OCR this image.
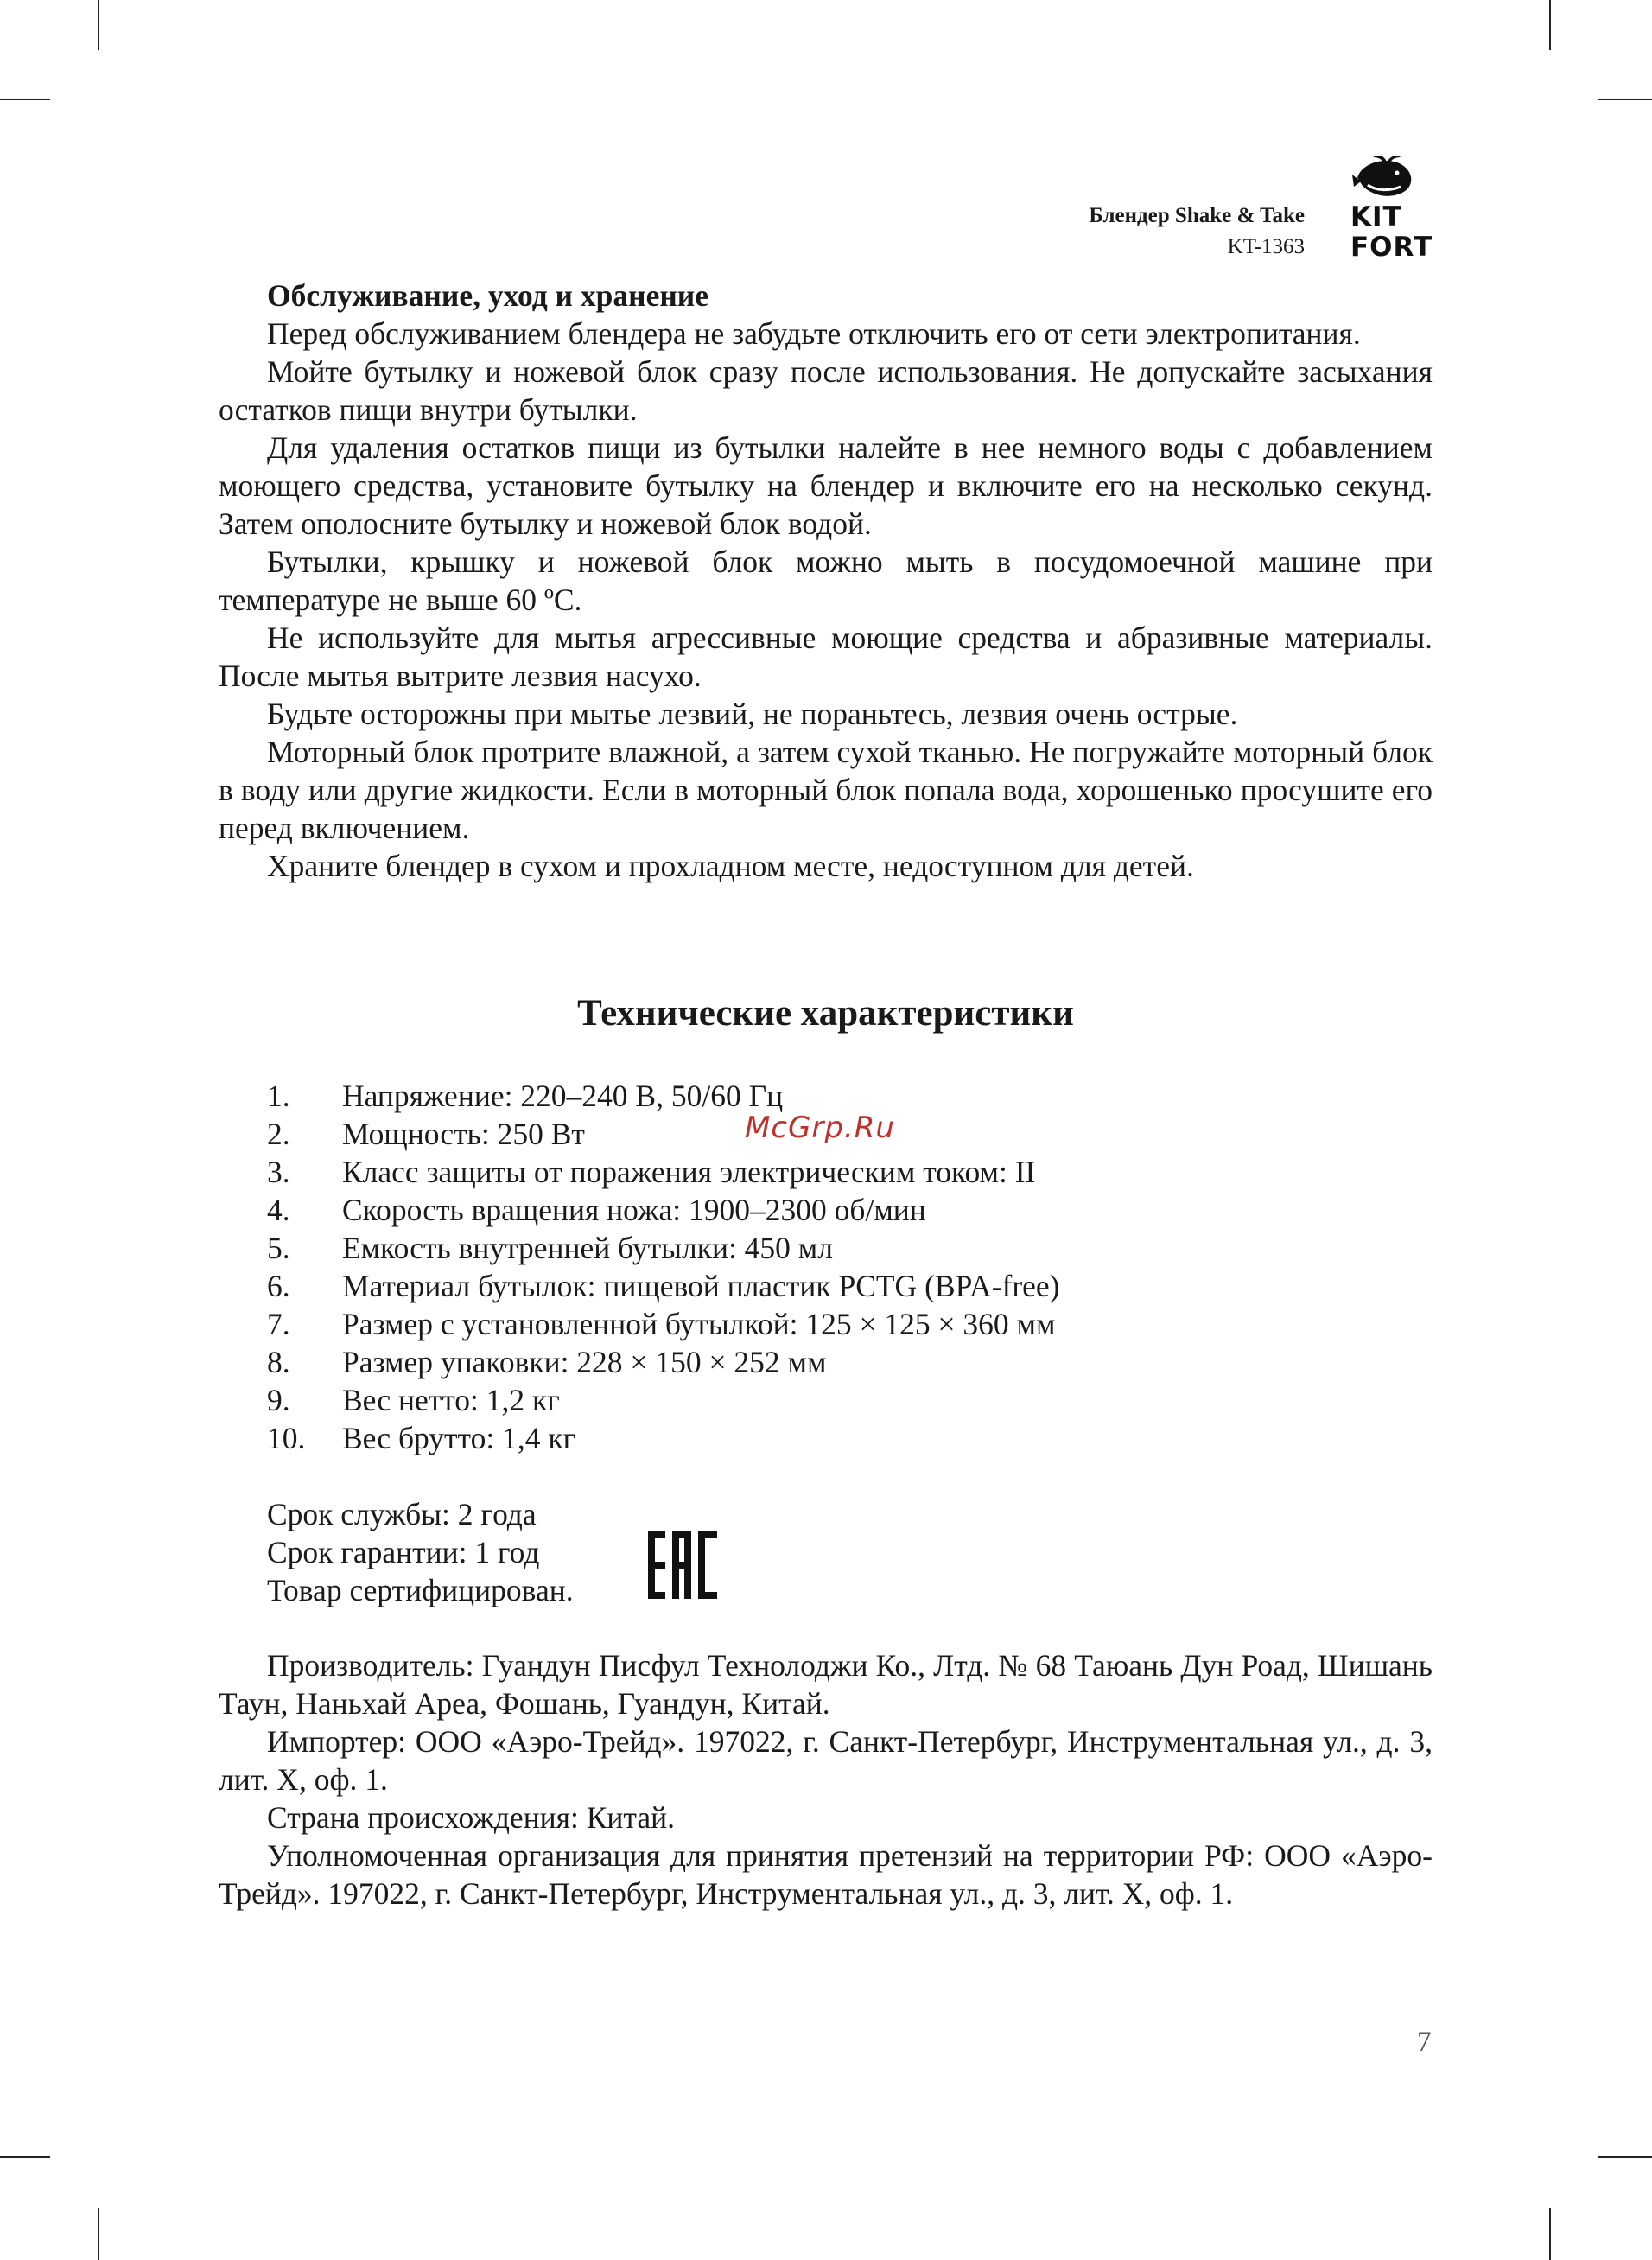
Блендер Shake & Take
KT-1363
KIT
FORT
Обслуживание, уход и хранение

Перед обслуживанием блендера не забудьте отключить его от сети электропитания.

Мойте бутылку и ножевой блок сразу после использования. Не допускайте засыхания остатков пищи внутри бутылки.

Для удаления остатков пищи из бутылки налейте в нее немного воды с добавлением моющего средства, установите бутылку на блендер и включите его на несколько секунд. Затем ополосните бутылку и ножевой блок водой.

Бутылки, крышку и ножевой блок можно мыть в посудомоечной машине при температуре не выше 60 ºС.

Не используйте для мытья агрессивные моющие средства и абразивные материалы. После мытья вытрите лезвия насухо.

Будьте осторожны при мытье лезвий, не пораньтесь, лезвия очень острые.

Моторный блок протрите влажной, а затем сухой тканью. Не погружайте моторный блок в воду или другие жидкости. Если в моторный блок попала вода, хорошенько просушите его перед включением.

Храните блендер в сухом и прохладном месте, недоступном для детей.

Технические характеристики
1.	Напряжение: 220–240 В, 50/60 Гц
2.	Мощность: 250 Вт
3.	Класс защиты от поражения электрическим током: II
4.	Скорость вращения ножа: 1900–2300 об/мин
5.	Емкость внутренней бутылки: 450 мл
6.	Материал бутылок: пищевой пластик PCTG (BPA-free)
7.	Размер с установленной бутылкой: 125 × 125 × 360 мм
8.	Размер упаковки: 228 × 150 × 252 мм
9.	Вес нетто: 1,2 кг
10.	Вес брутто: 1,4 кг
McGrp.Ru
Срок службы: 2 года
Срок гарантии: 1 год
Товар сертифицирован.

Производитель: Гуандун Писфул Технолоджи Ко., Лтд. № 68 Таюань Дун Роад, Шишань Таун, Наньхай Ареа, Фошань, Гуандун, Китай.

Импортер: ООО «Аэро-Трейд». 197022, г. Санкт-Петербург, Инструментальная ул., д. 3, лит. Х, оф. 1.

Страна происхождения: Китай.

Уполномоченная организация для принятия претензий на территории РФ: ООО «Аэро-Трейд». 197022, г. Санкт-Петербург, Инструментальная ул., д. 3, лит. Х, оф. 1.

7
